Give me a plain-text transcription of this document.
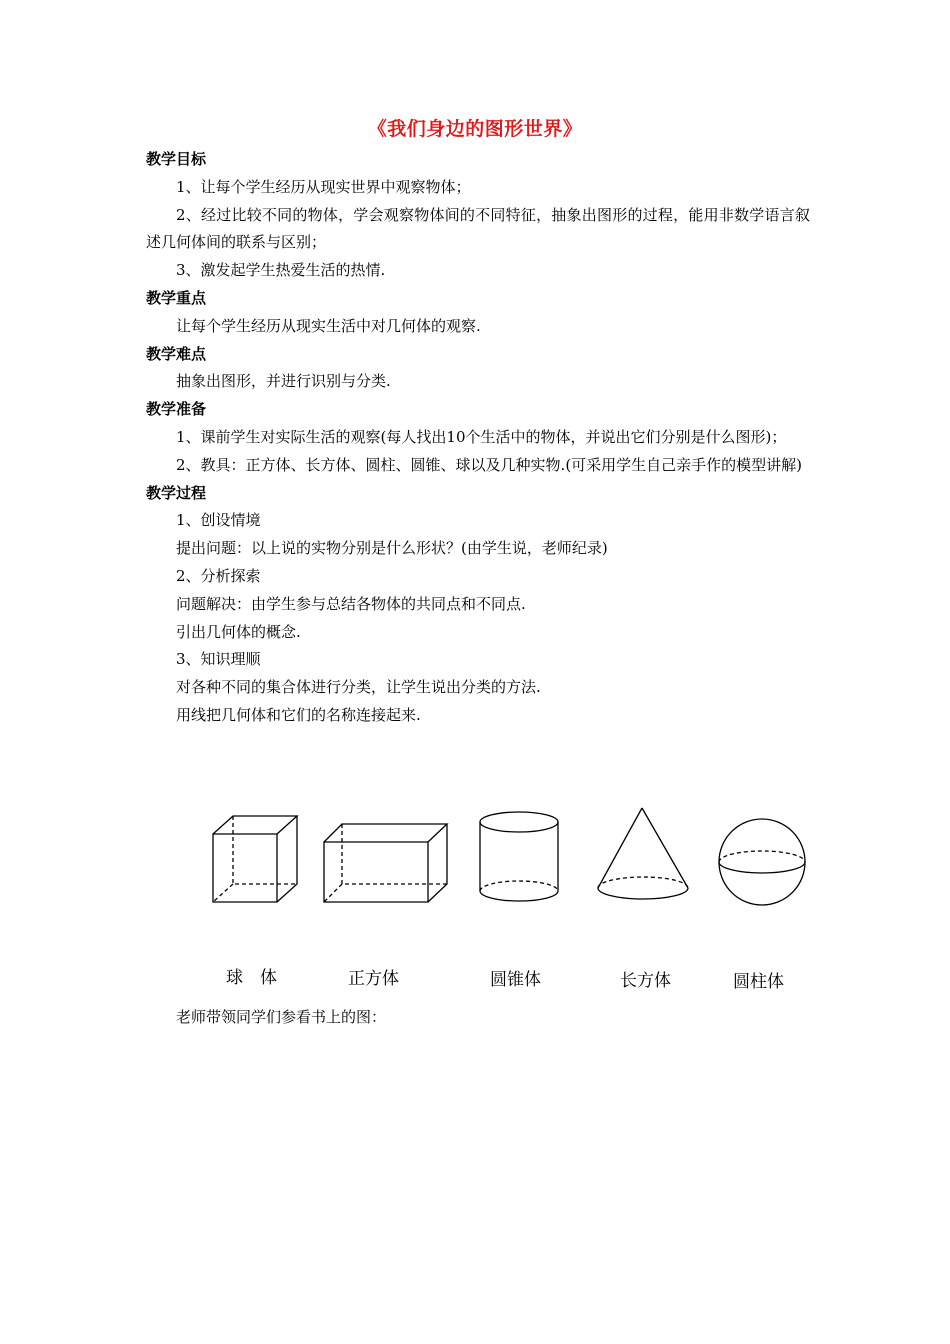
《我们身边的图形世界》
教学目标
1、让每个学生经历从现实世界中观察物体；
2、经过比较不同的物体，学会观察物体间的不同特征，抽象出图形的过程，能用非数学语言叙述几何体间的联系与区别；
3、激发起学生热爱生活的热情.
教学重点
让每个学生经历从现实生活中对几何体的观察.
教学难点
抽象出图形，并进行识别与分类.
教学准备
1、课前学生对实际生活的观察(每人找出10个生活中的物体，并说出它们分别是什么图形)；
2、教具：正方体、长方体、圆柱、圆锥、球以及几种实物.(可采用学生自己亲手作的模型讲解)
教学过程
1、创设情境
提出问题：以上说的实物分别是什么形状？(由学生说，老师纪录)
2、分析探索
问题解决：由学生参与总结各物体的共同点和不同点.
引出几何体的概念.
3、知识理顺
对各种不同的集合体进行分类，让学生说出分类的方法.
用线把几何体和它们的名称连接起来.
球　体	正方体	圆锥体	长方体	圆柱体
老师带领同学们参看书上的图：
